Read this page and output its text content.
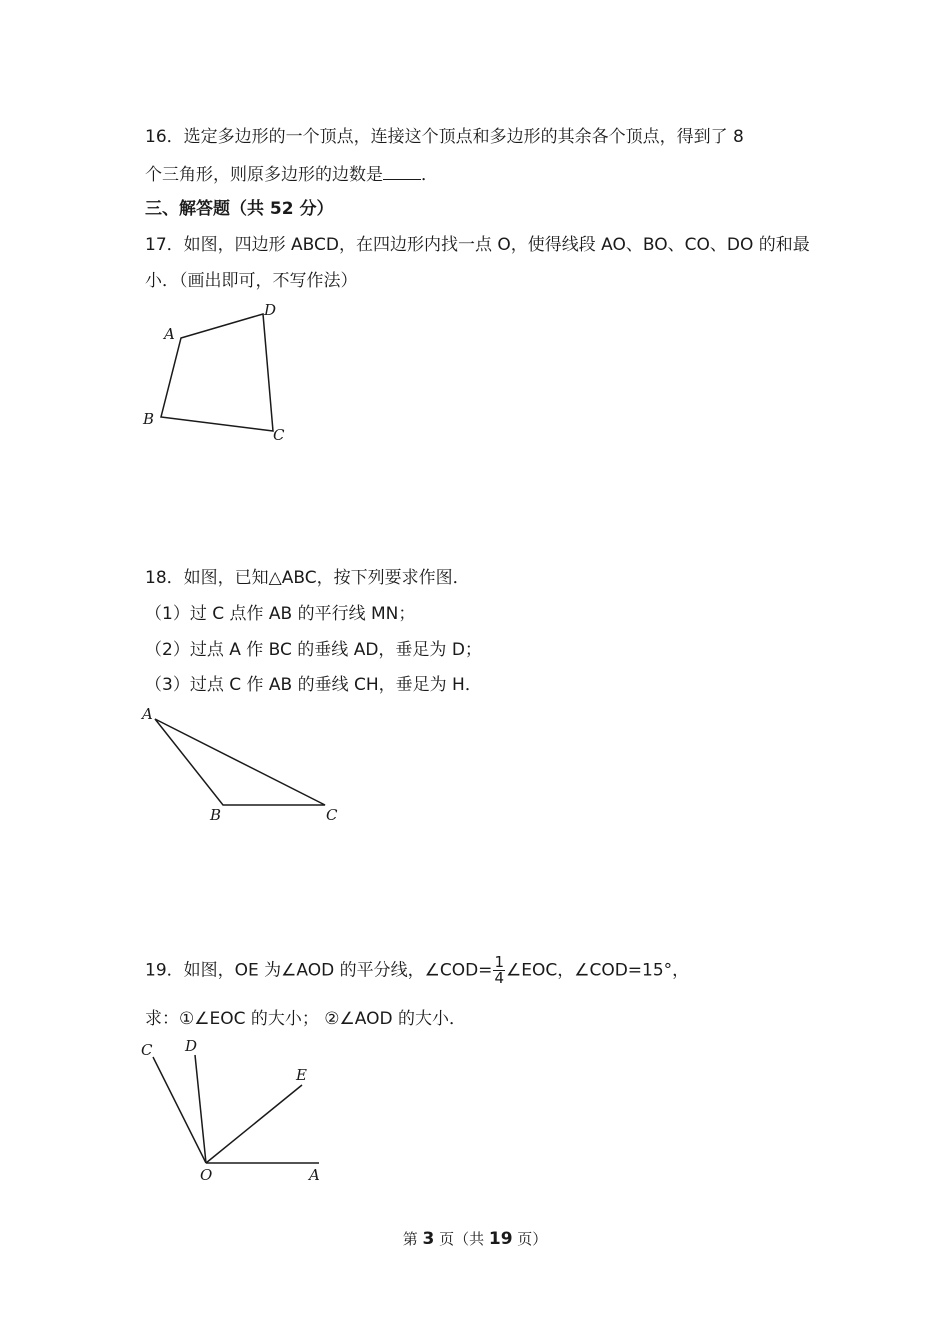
16．选定多边形的一个顶点，连接这个顶点和多边形的其余各个顶点，得到了 8
个三角形，则原多边形的边数是 ．
三、解答题（共 52 分）
17．如图，四边形 ABCD，在四边形内找一点 O，使得线段 AO、BO、CO、DO 的和最
小．（画出即可，不写作法）
A
D
B
C
18．如图，已知△ABC，按下列要求作图．
（1）过 C 点作 AB 的平行线 MN；
（2）过点 A 作 BC 的垂线 AD，垂足为 D；
（3）过点 C 作 AB 的垂线 CH，垂足为 H．
A
B	C
19．如图，OE 为∠AOD 的平分线，∠COD= $\frac{1}{4}$ ∠EOC，∠COD=15°，
求：①∠EOC 的大小； ②∠AOD 的大小．
C D
E
O	A
第 3 页（共 19 页）
